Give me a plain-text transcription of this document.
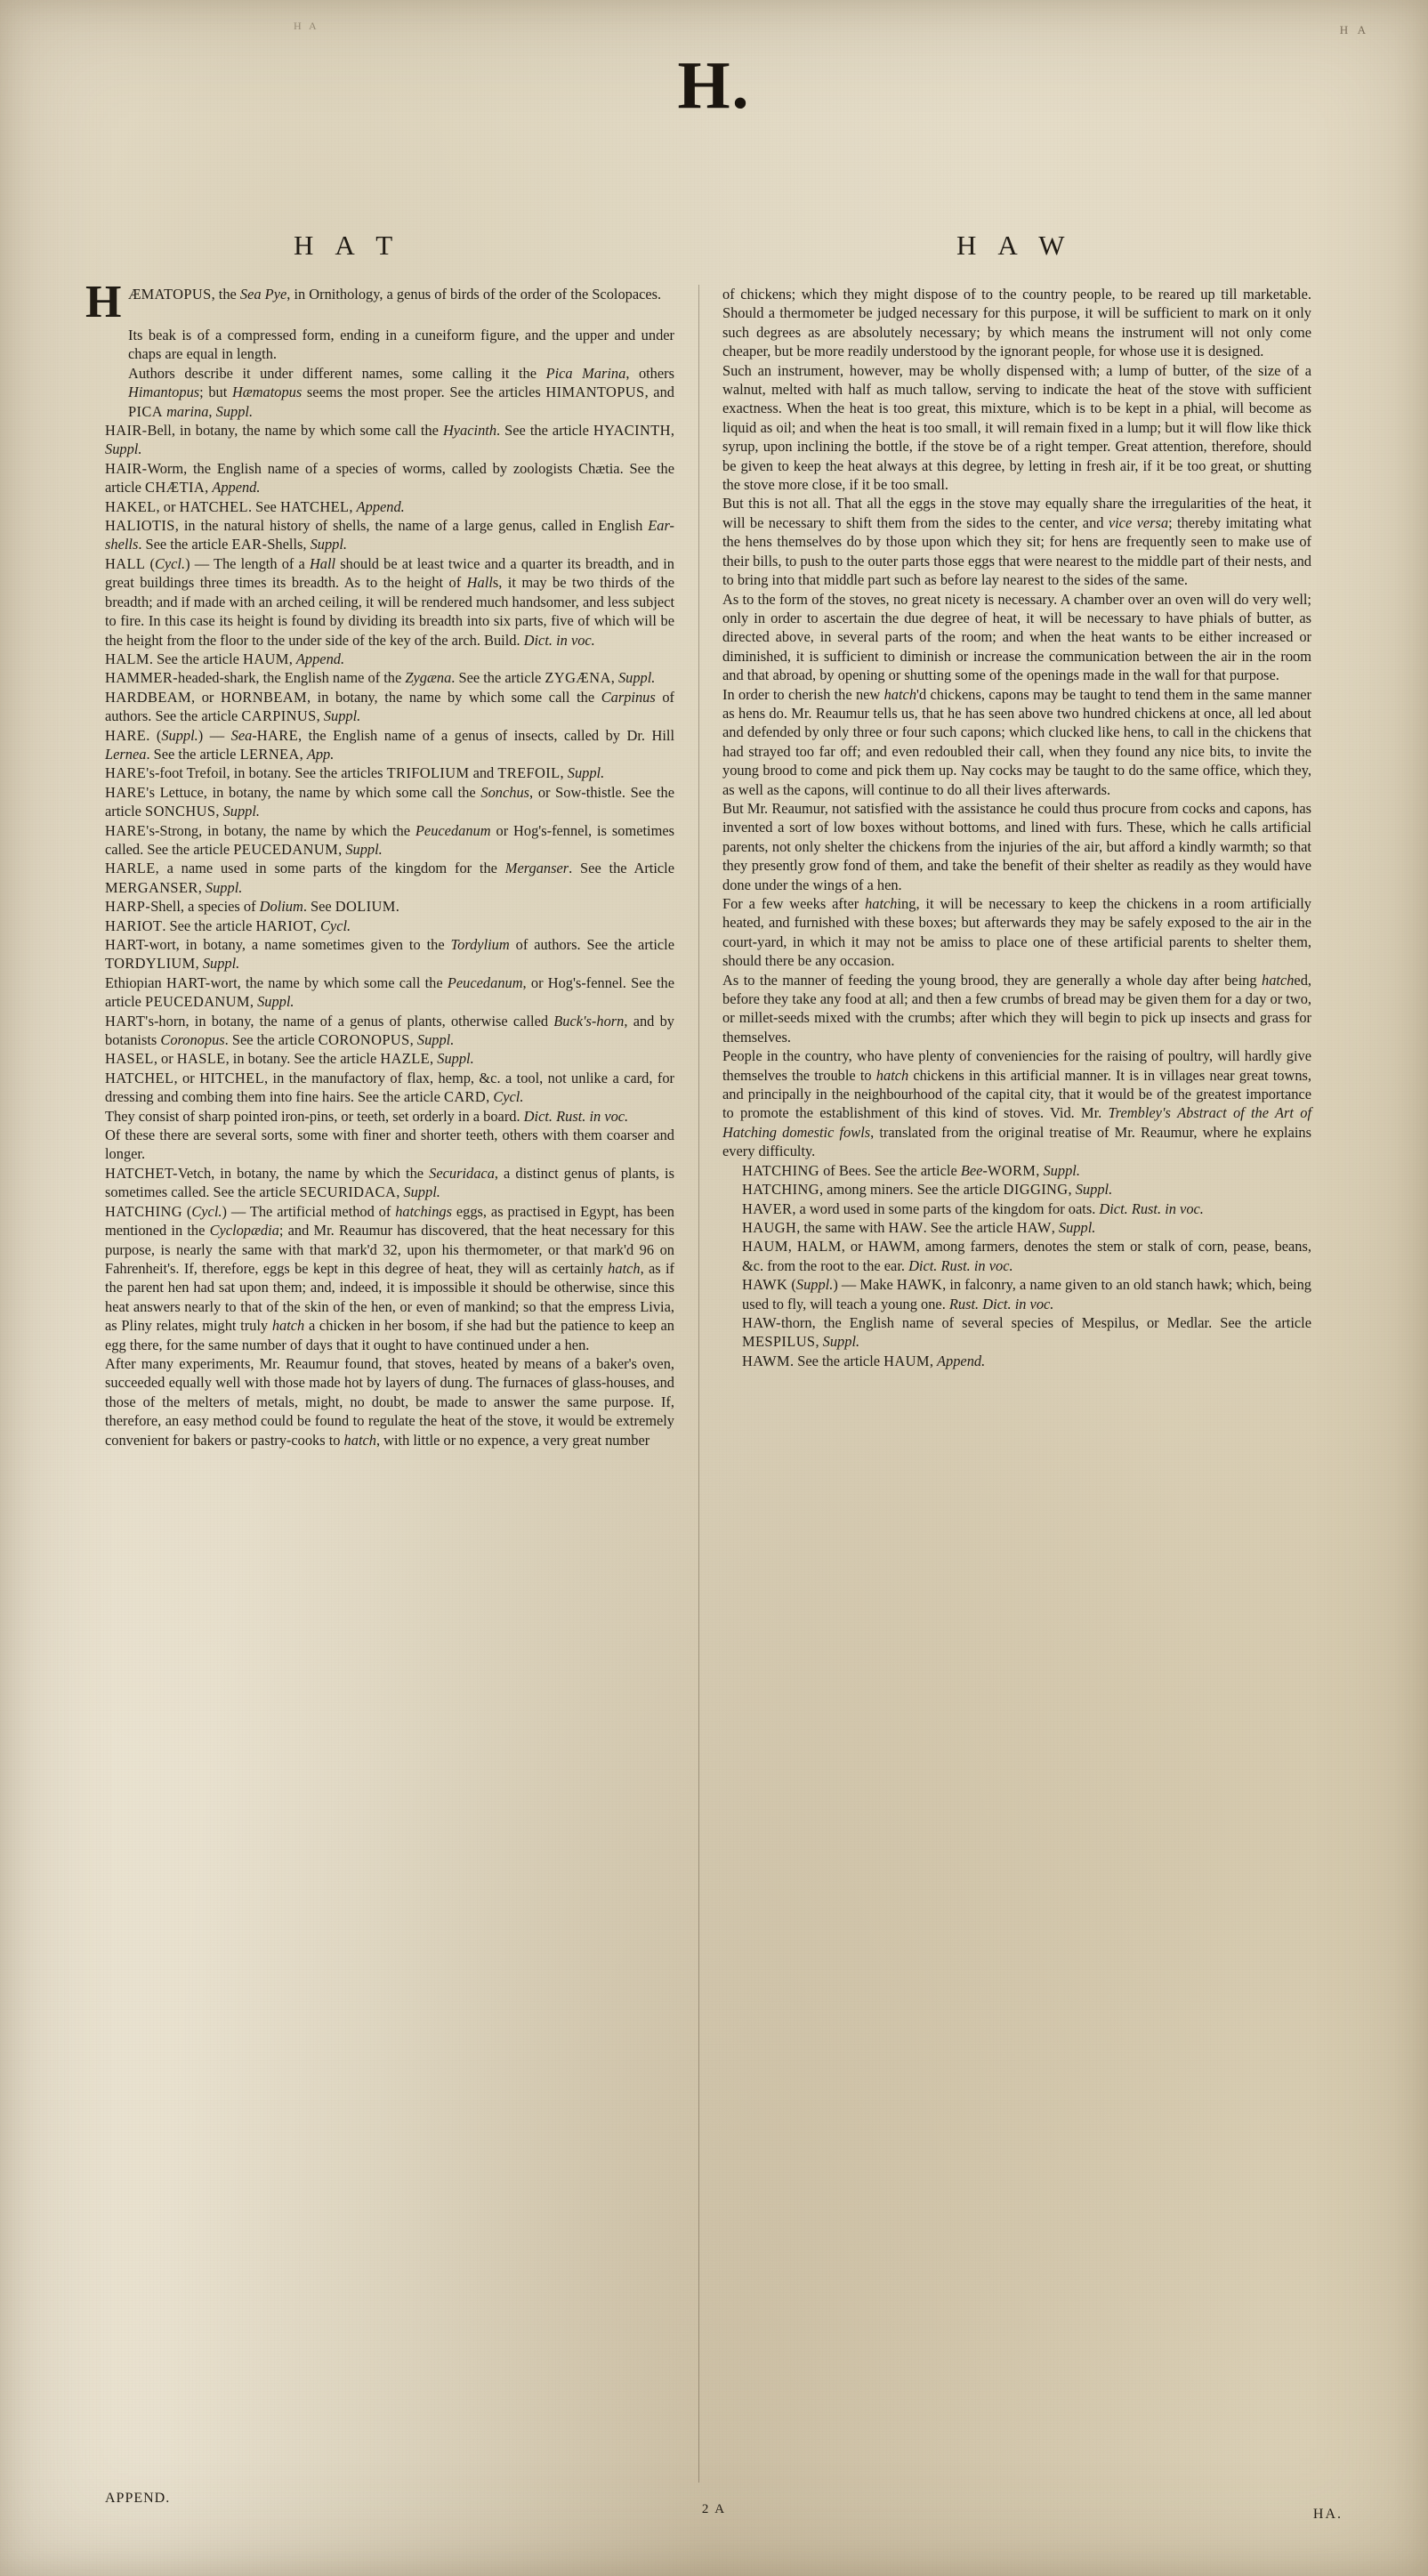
H A	H A
H.
H A T	H A W

H ÆMATOPUS, the Sea Pye, in Ornithology, a genus of birds of the order of the Scolopaces.

Its beak is of a compressed form, ending in a cuneiform figure, and the upper and under chaps are equal in length.

Authors describe it under different names, some calling it the Pica Marina, others Himantopus; but Hæmatopus seems the most proper. See the articles HIMANTOPUS, and PICA marina, Suppl.

HAIR-Bell, in botany, the name by which some call the Hyacinth. See the article HYACINTH, Suppl.

HAIR-Worm, the English name of a species of worms, called by zoologists Chætia. See the article CHÆTIA, Append.

HAKEL, or HATCHEL. See HATCHEL, Append.

HALIOTIS, in the natural history of shells, the name of a large genus, called in English Ear-shells. See the article EAR-Shells, Suppl.

HALL (Cycl.) — The length of a Hall should be at least twice and a quarter its breadth, and in great buildings three times its breadth. As to the height of Halls, it may be two thirds of the breadth; and if made with an arched ceiling, it will be rendered much handsomer, and less subject to fire. In this case its height is found by dividing its breadth into six parts, five of which will be the height from the floor to the under side of the key of the arch. Build. Dict. in voc.

HALM. See the article HAUM, Append.

HAMMER-headed-shark, the English name of the Zygæna. See the article ZYGÆNA, Suppl.

HARDBEAM, or HORNBEAM, in botany, the name by which some call the Carpinus of authors. See the article CARPINUS, Suppl.

HARE. (Suppl.) — Sea-HARE, the English name of a genus of insects, called by Dr. Hill Lernea. See the article LERNEA, App.

HARE's-foot Trefoil, in botany. See the articles TRIFOLIUM and TREFOIL, Suppl.

HARE's Lettuce, in botany, the name by which some call the Sonchus, or Sow-thistle. See the article SONCHUS, Suppl.

HARE's-Strong, in botany, the name by which the Peucedanum or Hog's-fennel, is sometimes called. See the article PEUCEDANUM, Suppl.

HARLE, a name used in some parts of the kingdom for the Merganser. See the Article MERGANSER, Suppl.

HARP-Shell, a species of Dolium. See DOLIUM.

HARIOT. See the article HARIOT, Cycl.

HART-wort, in botany, a name sometimes given to the Tordylium of authors. See the article TORDYLIUM, Suppl.

Ethiopian HART-wort, the name by which some call the Peucedanum, or Hog's-fennel. See the article PEUCEDANUM, Suppl.

HART's-horn, in botany, the name of a genus of plants, otherwise called Buck's-horn, and by botanists Coronopus. See the article CORONOPUS, Suppl.

HASEL, or HASLE, in botany. See the article HAZLE, Suppl.

HATCHEL, or HITCHEL, in the manufactory of flax, hemp, &c. a tool, not unlike a card, for dressing and combing them into fine hairs. See the article CARD, Cycl.

They consist of sharp pointed iron-pins, or teeth, set orderly in a board. Dict. Rust. in voc.

Of these there are several sorts, some with finer and shorter teeth, others with them coarser and longer.

HATCHET-Vetch, in botany, the name by which the Securidaca, a distinct genus of plants, is sometimes called. See the article SECURIDACA, Suppl.

HATCHING (Cycl.) — The artificial method of hatchings eggs, as practised in Egypt, has been mentioned in the Cyclopædia; and Mr. Reaumur has discovered, that the heat necessary for this purpose, is nearly the same with that mark'd 32, upon his thermometer, or that mark'd 96 on Fahrenheit's. If, therefore, eggs be kept in this degree of heat, they will as certainly hatch, as if the parent hen had sat upon them; and, indeed, it is impossible it should be otherwise, since this heat answers nearly to that of the skin of the hen, or even of mankind; so that the empress Livia, as Pliny relates, might truly hatch a chicken in her bosom, if she had but the patience to keep an egg there, for the same number of days that it ought to have continued under a hen.

After many experiments, Mr. Reaumur found, that stoves, heated by means of a baker's oven, succeeded equally well with those made hot by layers of dung. The furnaces of glass-houses, and those of the melters of metals, might, no doubt, be made to answer the same purpose. If, therefore, an easy method could be found to regulate the heat of the stove, it would be extremely convenient for bakers or pastry-cooks to hatch, with little or no expence, a very great number

of chickens; which they might dispose of to the country people, to be reared up till marketable. Should a thermometer be judged necessary for this purpose, it will be sufficient to mark on it only such degrees as are absolutely necessary; by which means the instrument will not only come cheaper, but be more readily understood by the ignorant people, for whose use it is designed.

Such an instrument, however, may be wholly dispensed with; a lump of butter, of the size of a walnut, melted with half as much tallow, serving to indicate the heat of the stove with sufficient exactness. When the heat is too great, this mixture, which is to be kept in a phial, will become as liquid as oil; and when the heat is too small, it will remain fixed in a lump; but it will flow like thick syrup, upon inclining the bottle, if the stove be of a right temper. Great attention, therefore, should be given to keep the heat always at this degree, by letting in fresh air, if it be too great, or shutting the stove more close, if it be too small.

But this is not all. That all the eggs in the stove may equally share the irregularities of the heat, it will be necessary to shift them from the sides to the center, and vice versa; thereby imitating what the hens themselves do by those upon which they sit; for hens are frequently seen to make use of their bills, to push to the outer parts those eggs that were nearest to the middle part of their nests, and to bring into that middle part such as before lay nearest to the sides of the same.

As to the form of the stoves, no great nicety is necessary. A chamber over an oven will do very well; only in order to ascertain the due degree of heat, it will be necessary to have phials of butter, as directed above, in several parts of the room; and when the heat wants to be either increased or diminished, it is sufficient to diminish or increase the communication between the air in the room and that abroad, by opening or shutting some of the openings made in the wall for that purpose.

In order to cherish the new hatch'd chickens, capons may be taught to tend them in the same manner as hens do. Mr. Reaumur tells us, that he has seen above two hundred chickens at once, all led about and defended by only three or four such capons; which clucked like hens, to call in the chickens that had strayed too far off; and even redoubled their call, when they found any nice bits, to invite the young brood to come and pick them up. Nay cocks may be taught to do the same office, which they, as well as the capons, will continue to do all their lives afterwards.

But Mr. Reaumur, not satisfied with the assistance he could thus procure from cocks and capons, has invented a sort of low boxes without bottoms, and lined with furs. These, which he calls artificial parents, not only shelter the chickens from the injuries of the air, but afford a kindly warmth; so that they presently grow fond of them, and take the benefit of their shelter as readily as they would have done under the wings of a hen.

For a few weeks after hatching, it will be necessary to keep the chickens in a room artificially heated, and furnished with these boxes; but afterwards they may be safely exposed to the air in the court-yard, in which it may not be amiss to place one of these artificial parents to shelter them, should there be any occasion.

As to the manner of feeding the young brood, they are generally a whole day after being hatched, before they take any food at all; and then a few crumbs of bread may be given them for a day or two, or millet-seeds mixed with the crumbs; after which they will begin to pick up insects and grass for themselves.

People in the country, who have plenty of conveniencies for the raising of poultry, will hardly give themselves the trouble to hatch chickens in this artificial manner. It is in villages near great towns, and principally in the neighbourhood of the capital city, that it would be of the greatest importance to promote the establishment of this kind of stoves. Vid. Mr. Trembley's Abstract of the Art of Hatching domestic fowls, translated from the original treatise of Mr. Reaumur, where he explains every difficulty.

HATCHING of Bees. See the article Bee-WORM, Suppl.

HATCHING, among miners. See the article DIGGING, Suppl.

HAVER, a word used in some parts of the kingdom for oats. Dict. Rust. in voc.

HAUGH, the same with HAW. See the article HAW, Suppl.

HAUM, HALM, or HAWM, among farmers, denotes the stem or stalk of corn, pease, beans, &c. from the root to the ear. Dict. Rust. in voc.

HAWK (Suppl.) — Make HAWK, in falconry, a name given to an old stanch hawk; which, being used to fly, will teach a young one. Rust. Dict. in voc.

HAW-thorn, the English name of several species of Mespilus, or Medlar. See the article MESPILUS, Suppl.

HAWM. See the article HAUM, Append.

APPEND.
2 A	HA.
